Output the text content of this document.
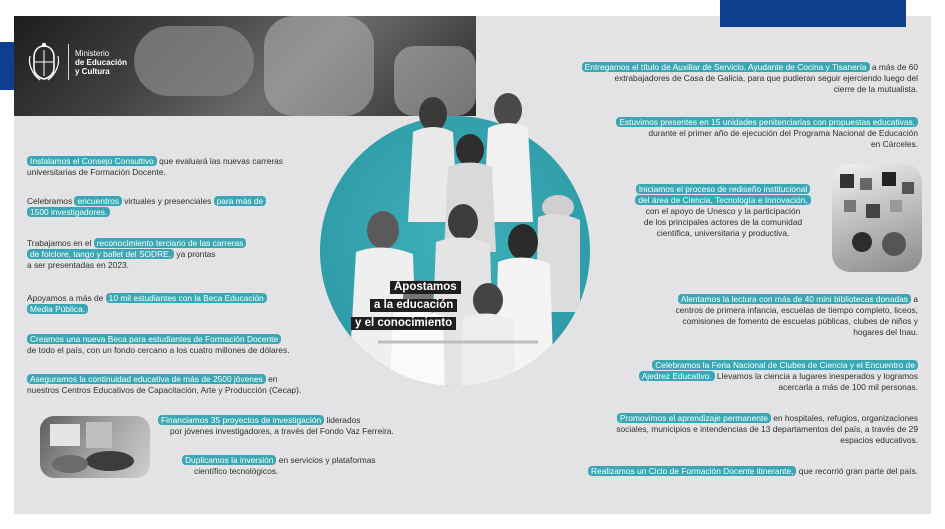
Ministerio
de Educación
y Cultura
Apostamos
a la educación
y el conocimiento
Instalamos el Consejo Consultivo que evaluará las nuevas carreras
universitarias de Formación Docente.
Celebramos encuentros virtuales y presenciales para más de
1500 investigadores.
Trabajamos en el reconocimiento terciario de las carreras
de folclore, tango y ballet del SODRE, ya prontas
a ser presentadas en 2023.
Apoyamos a más de 10 mil estudiantes con la Beca Educación
Media Pública.
Creamos una nueva Beca para estudiantes de Formación Docente
de todo el país, con un fondo cercano a los cuatro millones de dólares.
Aseguramos la continuidad educativa de más de 2500 jóvenes en
nuestros Centros Educativos de Capacitación, Arte y Producción (Cecap).
Financiamos 35 proyectos de investigación liderados
por jóvenes investigadores, a través del Fondo Vaz Ferreira.
Duplicamos la inversión en servicios y plataformas
científico tecnológicos.
Entregamos el título de Auxiliar de Servicio, Ayudante de Cocina y Tisanería a más de 60
extrabajadores de Casa de Galicia, para que pudieran seguir ejerciendo luego del
cierre de la mutualista.
Estuvimos presentes en 15 unidades penitenciarias con propuestas educativas,
durante el primer año de ejecución del Programa Nacional de Educación
en Cárceles.
Iniciamos el proceso de rediseño institucional
del área de Ciencia, Tecnología e Innovación,
con el apoyo de Unesco y la participación
de los principales actores de la comunidad
científica, universitaria y productiva.
Alentamos la lectura con más de 40 mini bibliotecas donadas a
centros de primera infancia, escuelas de tiempo completo, liceos,
comisiones de fomento de escuelas públicas, clubes de niños y
hogares del Inau.
Celebramos la Feria Nacional de Clubes de Ciencia y el Encuentro de
Ajedrez Educativo. Llevamos la ciencia a lugares inesperados y logramos
acercarla a más de 100 mil personas.
Promovimos el aprendizaje permanente en hospitales, refugios, organizaciones
sociales, municipios e intendencias de 13 departamentos del país, a través de 29
espacios educativos.
Realizamos un Ciclo de Formación Docente itinerante, que recorrió gran parte del país.
